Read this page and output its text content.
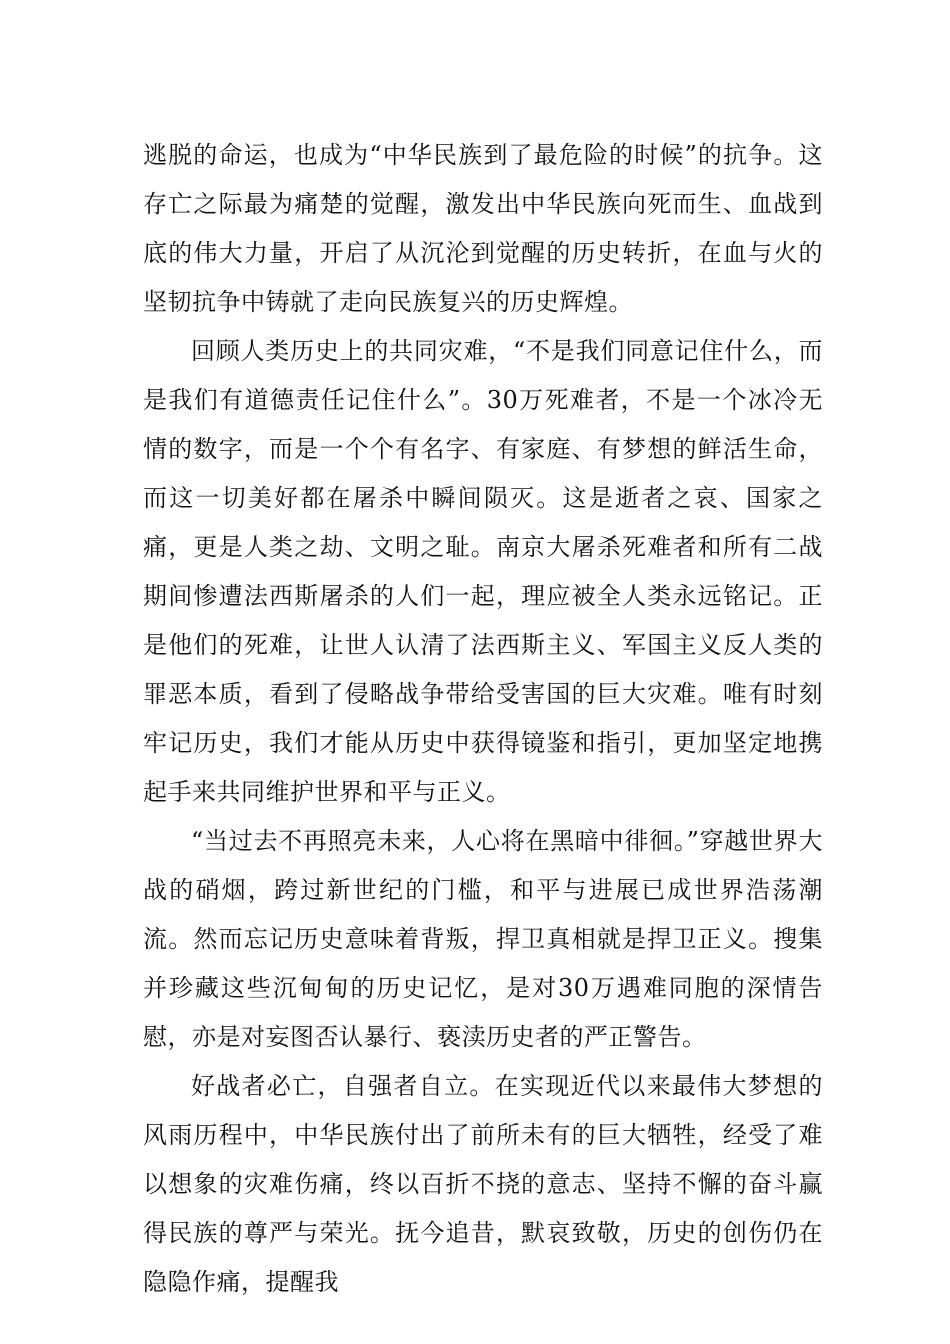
逃脱的命运，也成为“中华民族到了最危险的时候”的抗争。这存亡之际最为痛楚的觉醒，激发出中华民族向死而生、血战到底的伟大力量，开启了从沉沦到觉醒的历史转折，在血与火的坚韧抗争中铸就了走向民族复兴的历史辉煌。

回顾人类历史上的共同灾难，“不是我们同意记住什么，而是我们有道德责任记住什么”。30万死难者，不是一个冰冷无情的数字，而是一个个有名字、有家庭、有梦想的鲜活生命，而这一切美好都在屠杀中瞬间陨灭。这是逝者之哀、国家之痛，更是人类之劫、文明之耻。南京大屠杀死难者和所有二战期间惨遭法西斯屠杀的人们一起，理应被全人类永远铭记。正是他们的死难，让世人认清了法西斯主义、军国主义反人类的罪恶本质，看到了侵略战争带给受害国的巨大灾难。唯有时刻牢记历史，我们才能从历史中获得镜鉴和指引，更加坚定地携起手来共同维护世界和平与正义。

“当过去不再照亮未来，人心将在黑暗中徘徊。”穿越世界大战的硝烟，跨过新世纪的门槛，和平与进展已成世界浩荡潮流。然而忘记历史意味着背叛，捍卫真相就是捍卫正义。搜集并珍藏这些沉甸甸的历史记忆，是对30万遇难同胞的深情告慰，亦是对妄图否认暴行、亵渎历史者的严正警告。

好战者必亡，自强者自立。在实现近代以来最伟大梦想的风雨历程中，中华民族付出了前所未有的巨大牺牲，经受了难以想象的灾难伤痛，终以百折不挠的意志、坚持不懈的奋斗赢得民族的尊严与荣光。抚今追昔，默哀致敬，历史的创伤仍在隐隐作痛，提醒我
